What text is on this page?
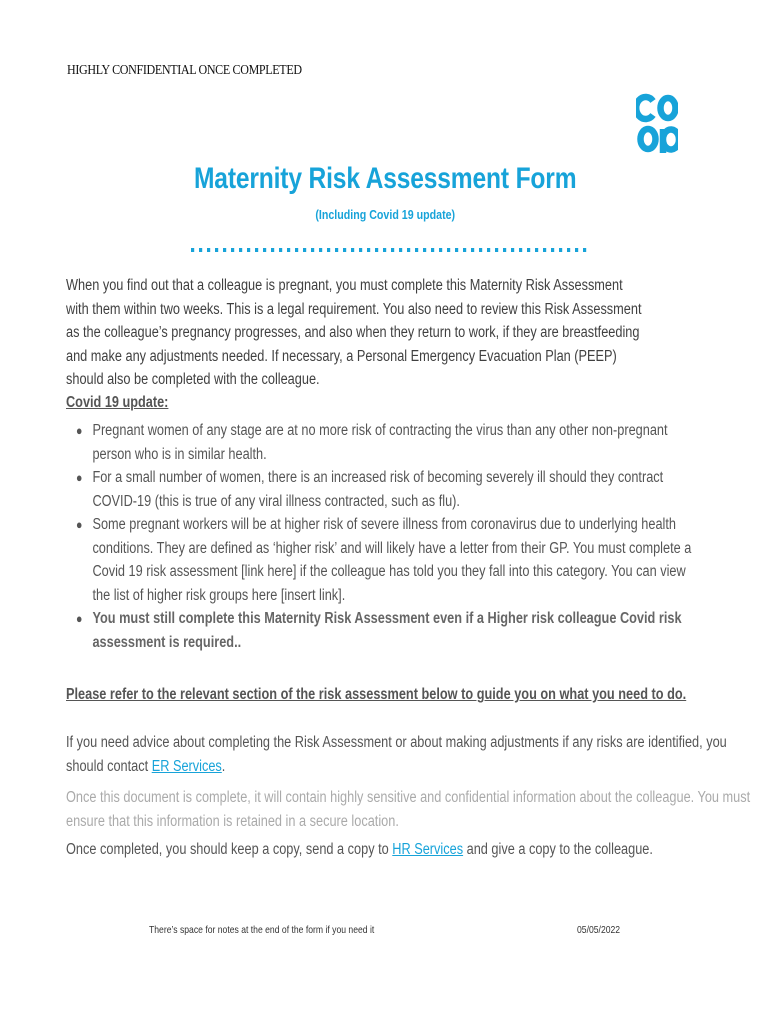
HIGHLY CONFIDENTIAL ONCE COMPLETED
Maternity Risk Assessment Form
(Including Covid 19 update)
When you find out that a colleague is pregnant, you must complete this Maternity Risk Assessment with them within two weeks. This is a legal requirement. You also need to review this Risk Assessment as the colleague’s pregnancy progresses, and also when they return to work, if they are breastfeeding and make any adjustments needed. If necessary, a Personal Emergency Evacuation Plan (PEEP) should also be completed with the colleague.
Covid 19 update:

● Pregnant women of any stage are at no more risk of contracting the virus than any other non-pregnant person who is in similar health.

● For a small number of women, there is an increased risk of becoming severely ill should they contract COVID-19 (this is true of any viral illness contracted, such as flu).

● Some pregnant workers will be at higher risk of severe illness from coronavirus due to underlying health conditions. They are defined as ‘higher risk’ and will likely have a letter from their GP. You must complete a Covid 19 risk assessment [link here] if the colleague has told you they fall into this category. You can view the list of higher risk groups here [insert link].

● You must still complete this Maternity Risk Assessment even if a Higher risk colleague Covid risk assessment is required..

Please refer to the relevant section of the risk assessment below to guide you on what you need to do.
If you need advice about completing the Risk Assessment or about making adjustments if any risks are identified, you should contact ER Services.
Once this document is complete, it will contain highly sensitive and confidential information about the colleague. You must ensure that this information is retained in a secure location.
Once completed, you should keep a copy, send a copy to HR Services and give a copy to the colleague.
There’s space for notes at the end of the form if you need it	05/05/2022
